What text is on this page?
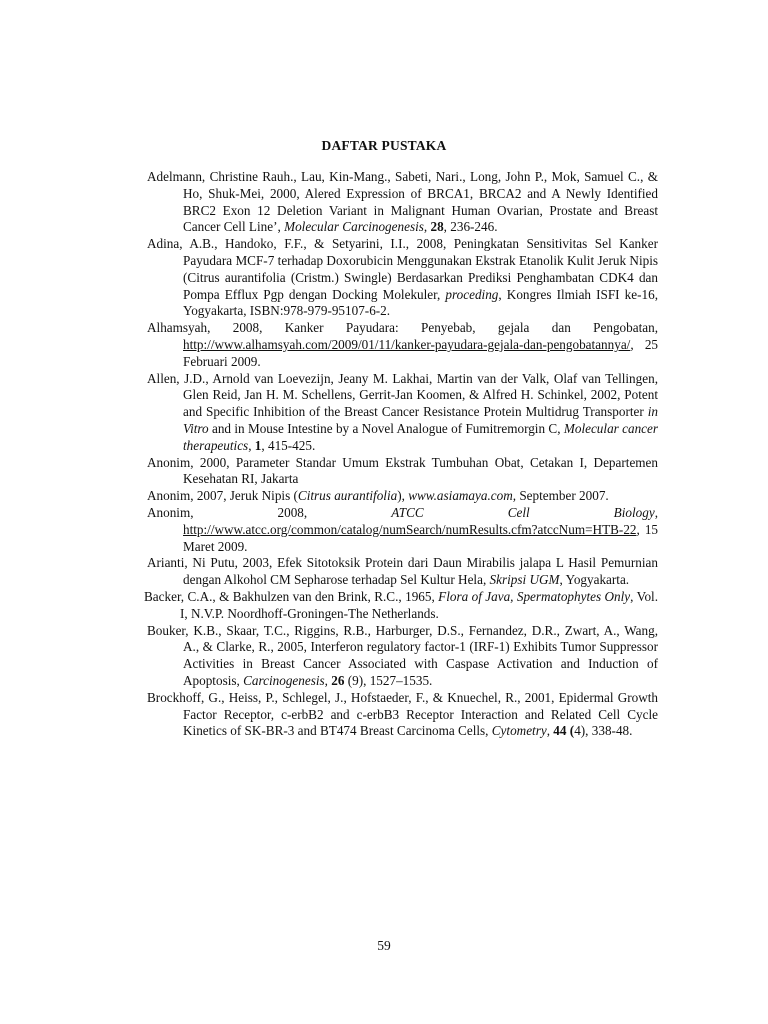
DAFTAR PUSTAKA

Adelmann, Christine Rauh., Lau, Kin-Mang., Sabeti, Nari., Long, John P., Mok, Samuel C., & Ho, Shuk-Mei, 2000, Alered Expression of BRCA1, BRCA2 and A Newly Identified BRC2 Exon 12 Deletion Variant in Malignant Human Ovarian, Prostate and Breast Cancer Cell Line’, Molecular Carcinogenesis, 28, 236-246.

Adina, A.B., Handoko, F.F., & Setyarini, I.I., 2008, Peningkatan Sensitivitas Sel Kanker Payudara MCF-7 terhadap Doxorubicin Menggunakan Ekstrak Etanolik Kulit Jeruk Nipis (Citrus aurantifolia (Cristm.) Swingle) Berdasarkan Prediksi Penghambatan CDK4 dan Pompa Efflux Pgp dengan Docking Molekuler, proceding, Kongres Ilmiah ISFI ke-16, Yogyakarta, ISBN:978-979-95107-6-2.

Alhamsyah, 2008, Kanker Payudara: Penyebab, gejala dan Pengobatan, http://www.alhamsyah.com/2009/01/11/kanker-payudara-gejala-dan-pengobatannya/, 25 Februari 2009.

Allen, J.D., Arnold van Loevezijn, Jeany M. Lakhai, Martin van der Valk, Olaf van Tellingen, Glen Reid, Jan H. M. Schellens, Gerrit-Jan Koomen, & Alfred H. Schinkel, 2002, Potent and Specific Inhibition of the Breast Cancer Resistance Protein Multidrug Transporter in Vitro and in Mouse Intestine by a Novel Analogue of Fumitremorgin C, Molecular cancer therapeutics, 1, 415-425.

Anonim, 2000, Parameter Standar Umum Ekstrak Tumbuhan Obat, Cetakan I, Departemen Kesehatan RI, Jakarta

Anonim, 2007, Jeruk Nipis (Citrus aurantifolia), www.asiamaya.com, September 2007.

Anonim, 2008, ATCC Cell Biology, http://www.atcc.org/common/catalog/numSearch/numResults.cfm?atccNum=HTB-22, 15 Maret 2009.

Arianti, Ni Putu, 2003, Efek Sitotoksik Protein dari Daun Mirabilis jalapa L Hasil Pemurnian dengan Alkohol CM Sepharose terhadap Sel Kultur Hela, Skripsi UGM, Yogyakarta.

Backer, C.A., & Bakhulzen van den Brink, R.C., 1965, Flora of Java, Spermatophytes Only, Vol. I, N.V.P. Noordhoff-Groningen-The Netherlands.

Bouker, K.B., Skaar, T.C., Riggins, R.B., Harburger, D.S., Fernandez, D.R., Zwart, A., Wang, A., & Clarke, R., 2005, Interferon regulatory factor-1 (IRF-1) Exhibits Tumor Suppressor Activities in Breast Cancer Associated with Caspase Activation and Induction of Apoptosis, Carcinogenesis, 26 (9), 1527–1535.

Brockhoff, G., Heiss, P., Schlegel, J., Hofstaeder, F., & Knuechel, R., 2001, Epidermal Growth Factor Receptor, c-erbB2 and c-erbB3 Receptor Interaction and Related Cell Cycle Kinetics of SK-BR-3 and BT474 Breast Carcinoma Cells, Cytometry, 44 (4), 338-48.

59
